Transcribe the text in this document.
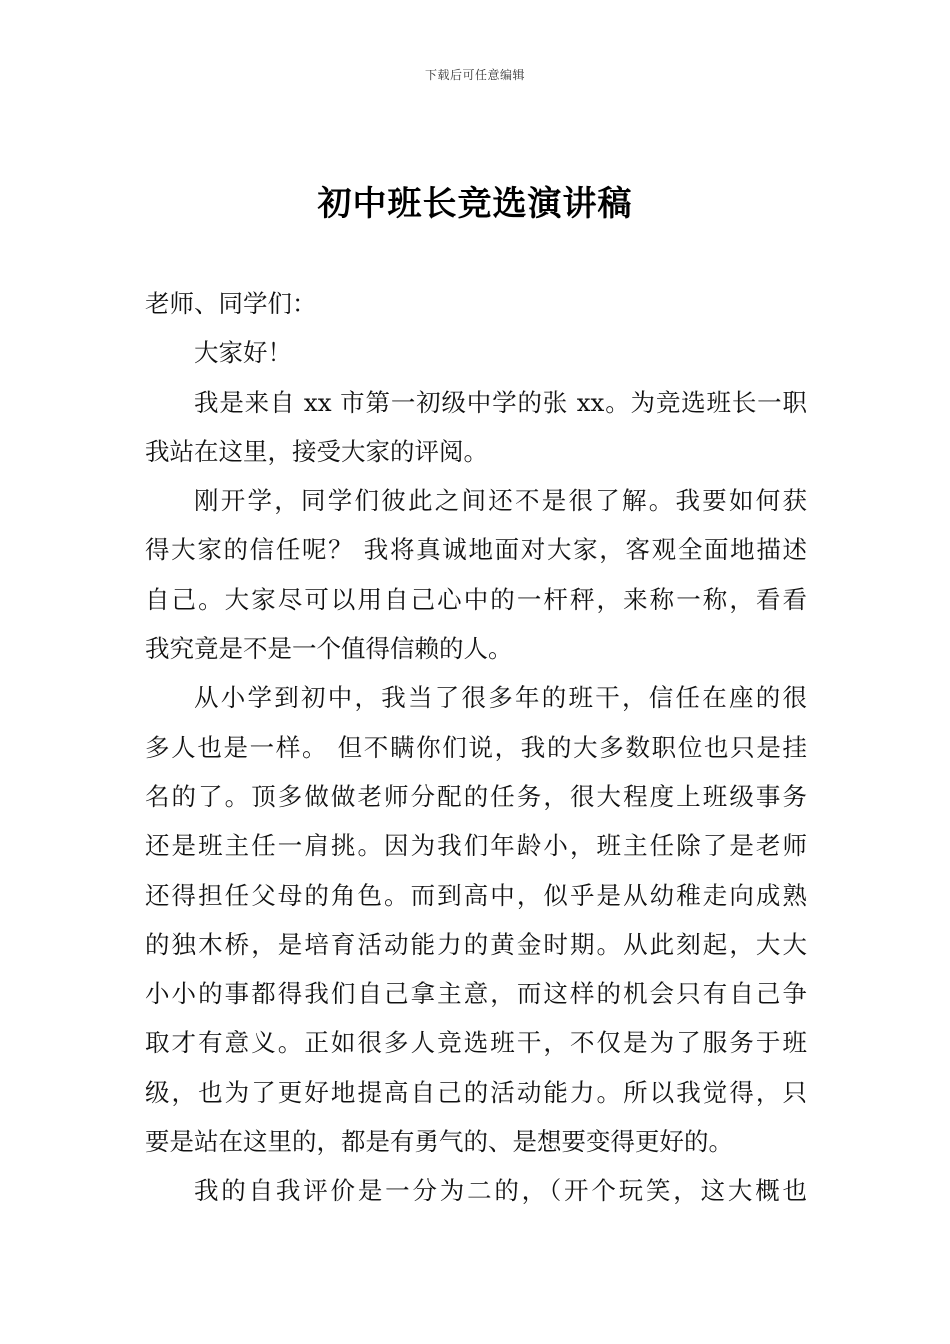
下载后可任意编辑
初中班长竞选演讲稿
老师、同学们：
大家好！
我是来自 xx 市第一初级中学的张 xx。为竞选班长一职
我站在这里，接受大家的评阅。
刚开学，同学们彼此之间还不是很了解。我要如何获
得大家的信任呢？ 我将真诚地面对大家，客观全面地描述
自己。大家尽可以用自己心中的一杆秤，来称一称，看看
我究竟是不是一个值得信赖的人。
从小学到初中，我当了很多年的班干，信任在座的很
多人也是一样。 但不瞒你们说，我的大多数职位也只是挂
名的了。顶多做做老师分配的任务，很大程度上班级事务
还是班主任一肩挑。因为我们年龄小，班主任除了是老师
还得担任父母的角色。而到高中，似乎是从幼稚走向成熟
的独木桥，是培育活动能力的黄金时期。从此刻起，大大
小小的事都得我们自己拿主意，而这样的机会只有自己争
取才有意义。正如很多人竞选班干，不仅是为了服务于班
级，也为了更好地提高自己的活动能力。所以我觉得，只
要是站在这里的，都是有勇气的、是想要变得更好的。
我的自我评价是一分为二的，（开个玩笑，这大概也
